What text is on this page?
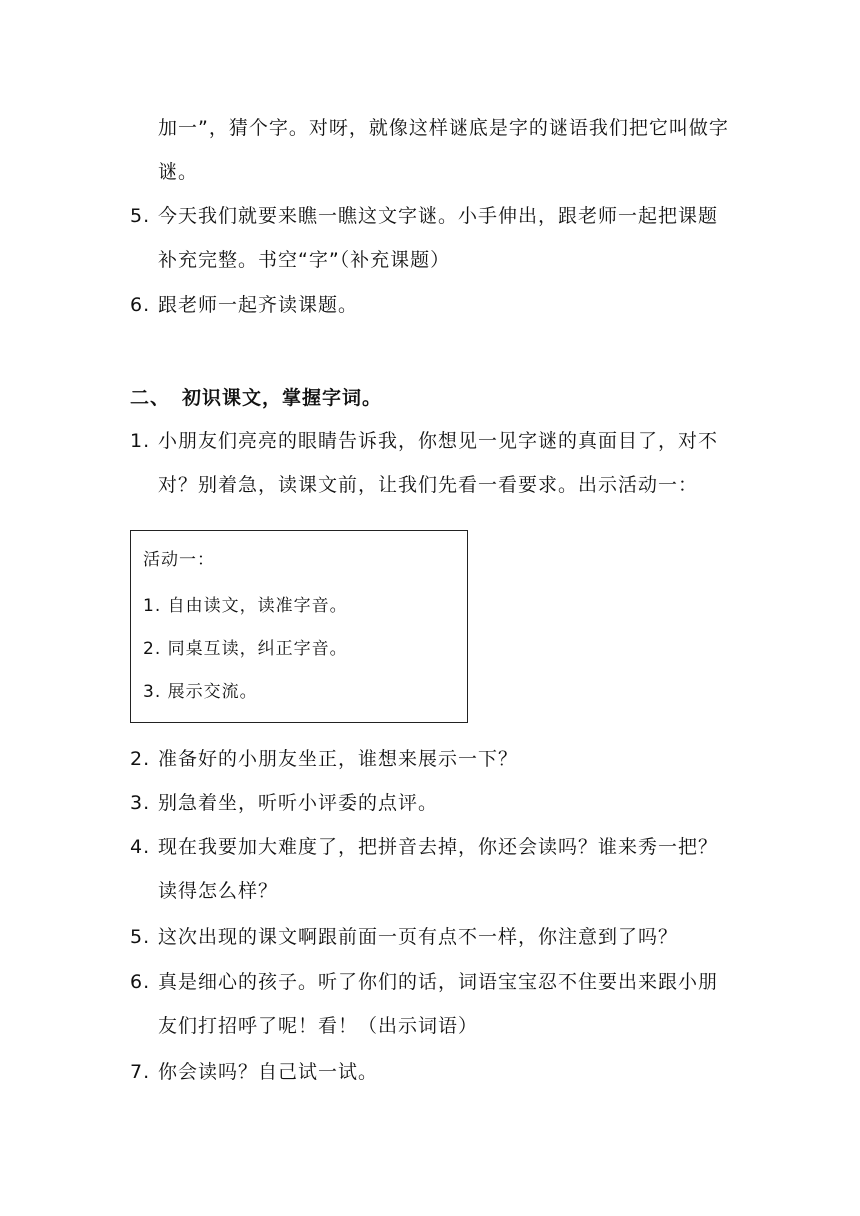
加一”，猜个字。对呀，就像这样谜底是字的谜语我们把它叫做字
谜。
5. 今天我们就要来瞧一瞧这文字谜。小手伸出，跟老师一起把课题补充完整。书空“字”（补充课题）
6. 跟老师一起齐读课题。
二、 初识课文，掌握字词。
1. 小朋友们亮亮的眼睛告诉我，你想见一见字谜的真面目了，对不对？别着急，读课文前，让我们先看一看要求。出示活动一：
活动一：
1. 自由读文，读准字音。
2. 同桌互读，纠正字音。
3. 展示交流。
2. 准备好的小朋友坐正，谁想来展示一下？
3. 别急着坐，听听小评委的点评。
4. 现在我要加大难度了，把拼音去掉，你还会读吗？谁来秀一把？读得怎么样？
5. 这次出现的课文啊跟前面一页有点不一样，你注意到了吗？
6. 真是细心的孩子。听了你们的话，词语宝宝忍不住要出来跟小朋友们打招呼了呢！看！（出示词语）
7. 你会读吗？自己试一试。
